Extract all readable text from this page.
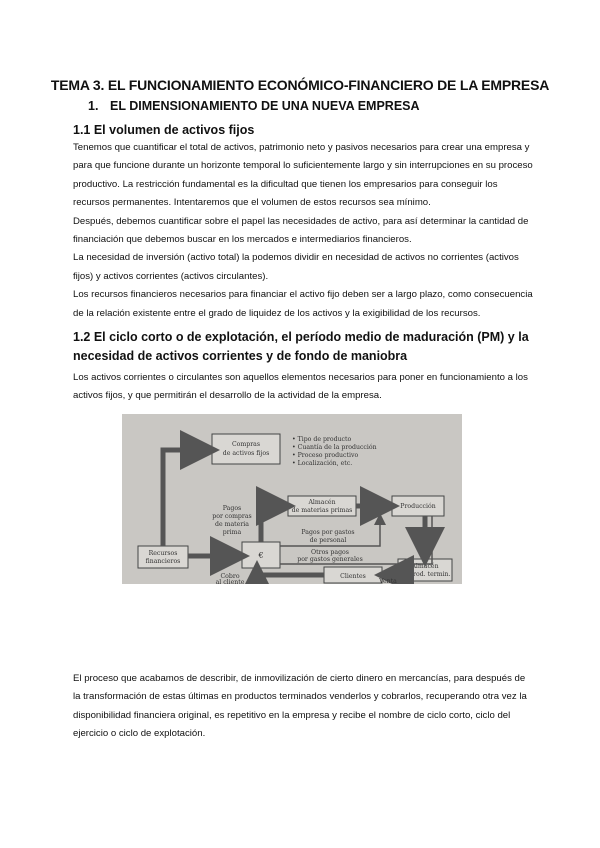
TEMA 3. EL FUNCIONAMIENTO ECONÓMICO-FINANCIERO DE LA EMPRESA
1. EL DIMENSIONAMIENTO DE UNA NUEVA EMPRESA
1.1 El volumen de activos fijos

Tenemos que cuantificar el total de activos, patrimonio neto y pasivos necesarios para crear una empresa y para que funcione durante un horizonte temporal lo suficientemente largo y sin interrupciones en su proceso productivo. La restricción fundamental es la dificultad que tienen los empresarios para conseguir los recursos permanentes. Intentaremos que el volumen de estos recursos sea mínimo.

Después, debemos cuantificar sobre el papel las necesidades de activo, para así determinar la cantidad de financiación que debemos buscar en los mercados e intermediarios financieros.

La necesidad de inversión (activo total) la podemos dividir en necesidad de activos no corrientes (activos fijos) y activos corrientes (activos circulantes).

Los recursos financieros necesarios para financiar el activo fijo deben ser a largo plazo, como consecuencia de la relación existente entre el grado de liquidez de los activos y la exigibilidad de los recursos.

1.2 El ciclo corto o de explotación, el período medio de maduración (PM) y la necesidad de activos corrientes y de fondo de maniobra

Los activos corrientes o circulantes son aquellos elementos necesarios para poner en funcionamiento a los activos fijos, y que permitirán el desarrollo de la actividad de la empresa.

Compras
de activos fijos
• Tipo de producto
• Cuantía de la producción
• Proceso productivo
• Localización, etc.
Recursos
financieros
€
Almacén
de materias primas
Producción
Clientes
Almacén
de prod. termin.
Pagos
por compras
de materia
prima	Pagos por gastos
de personal
Otros pagos
por gastos generales
Cobro
al cliente	Venta

El proceso que acabamos de describir, de inmovilización de cierto dinero en mercancías, para después de la transformación de estas últimas en productos terminados venderlos y cobrarlos, recuperando otra vez la disponibilidad financiera original, es repetitivo en la empresa y recibe el nombre de ciclo corto, ciclo del ejercicio o ciclo de explotación.
